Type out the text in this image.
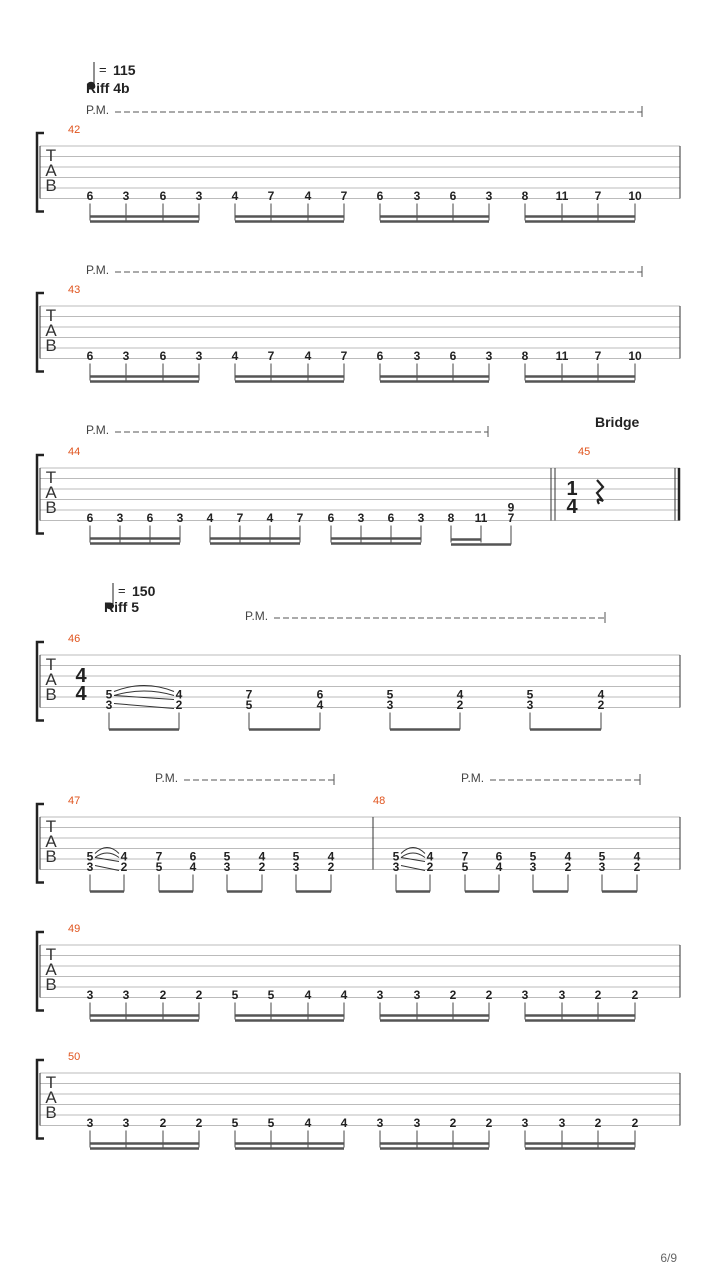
= 115
Riff 4b
= 150
Riff 5
Bridge
P.M.
T
A
B
42
6 3	6 3 4 7	4 7 6	3 6 3 8 11 7 10
P.M.
T
A
B
43
6 3	6 3 4 7	4 7 6	3 6 3 8 11 7 10
P.M.
T
A
B
44
6 3 6 3 4 7 4 7 6 3 6 3 8 11 7
9
45
1
4
P.M.
T
A
B
46
4
4 5
3
4
2
7
5
6
4
5
3
4
2
5
3
4
2
P.M.	P.M.
T
A
B
47
5
3
4
2
7
5
6
4
5
3
4
2
5
3
4
2
48
5
3
4
2
7
5
6
4
5
3
4
2
5
3
4
2
T
A
B
49
3 3	2 2 5 5	4 4 3	3 2 2 3	3 2	2
T
A
B
50
3 3	2 2 5 5	4 4 3	3 2 2 3	3 2	2
6/9
